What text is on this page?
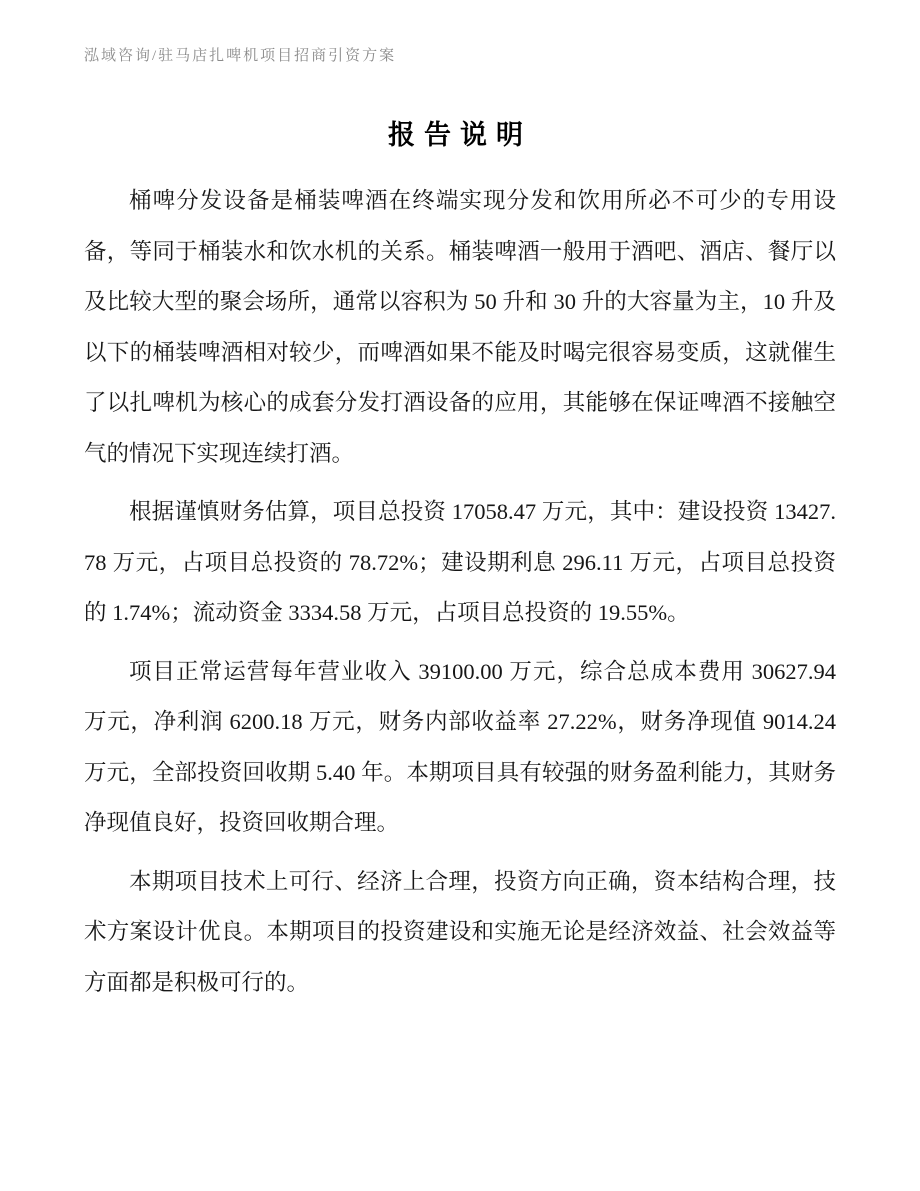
泓域咨询/驻马店扎啤机项目招商引资方案
报告说明

桶啤分发设备是桶装啤酒在终端实现分发和饮用所必不可少的专用设备，等同于桶装水和饮水机的关系。桶装啤酒一般用于酒吧、酒店、餐厅以及比较大型的聚会场所，通常以容积为 50 升和 30 升的大容量为主，10 升及以下的桶装啤酒相对较少，而啤酒如果不能及时喝完很容易变质，这就催生了以扎啤机为核心的成套分发打酒设备的应用，其能够在保证啤酒不接触空气的情况下实现连续打酒。

根据谨慎财务估算，项目总投资 17058.47 万元，其中：建设投资 13427.78 万元，占项目总投资的 78.72%；建设期利息 296.11 万元，占项目总投资的 1.74%；流动资金 3334.58 万元，占项目总投资的 19.55%。

项目正常运营每年营业收入 39100.00 万元，综合总成本费用 30627.94 万元，净利润 6200.18 万元，财务内部收益率 27.22%，财务净现值 9014.24 万元，全部投资回收期 5.40 年。本期项目具有较强的财务盈利能力，其财务净现值良好，投资回收期合理。

本期项目技术上可行、经济上合理，投资方向正确，资本结构合理，技术方案设计优良。本期项目的投资建设和实施无论是经济效益、社会效益等方面都是积极可行的。
